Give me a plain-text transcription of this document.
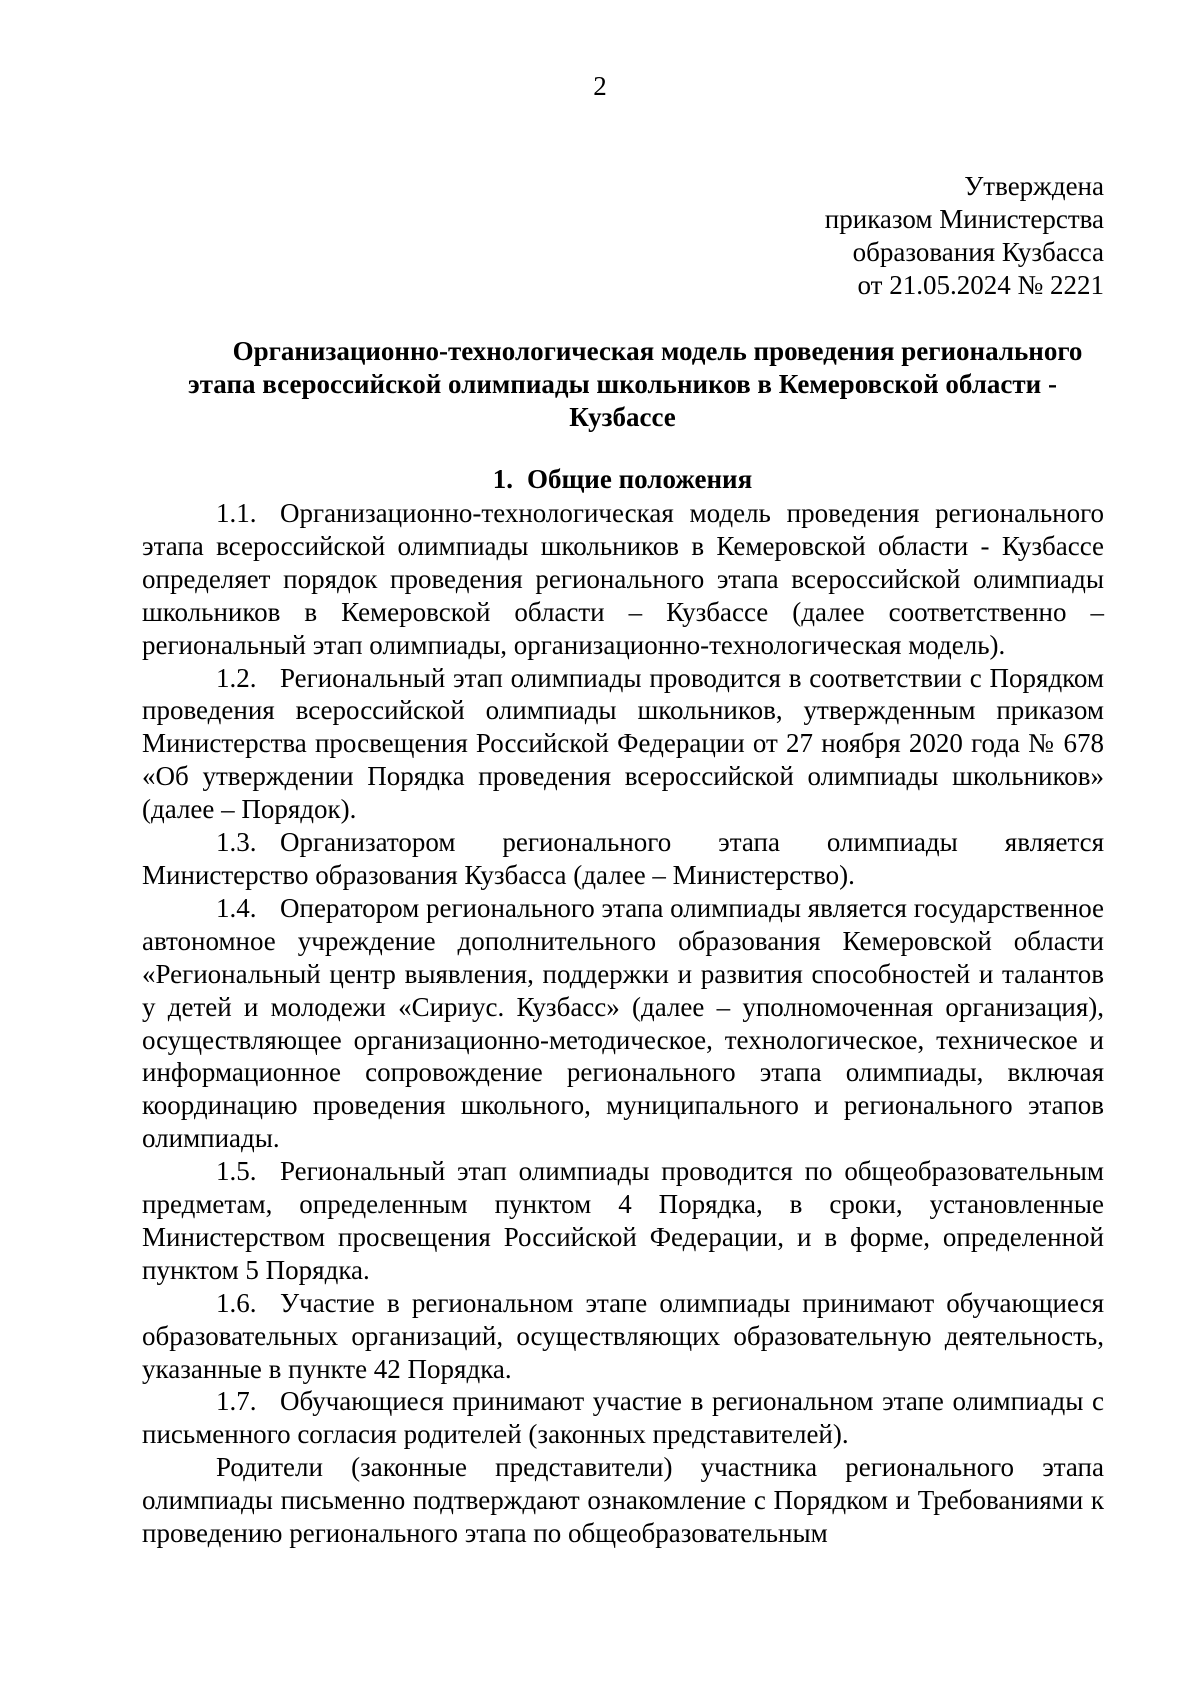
2
Утверждена
приказом Министерства
образования Кузбасса
от 21.05.2024 № 2221
Организационно-технологическая модель проведения регионального
этапа всероссийской олимпиады школьников в Кемеровской области -
Кузбассе
1. Общие положения

1.1. Организационно-технологическая модель проведения регионального этапа всероссийской олимпиады школьников в Кемеровской области - Кузбассе определяет порядок проведения регионального этапа всероссийской олимпиады школьников в Кемеровской области – Кузбассе (далее соответственно – региональный этап олимпиады, организационно-технологическая модель).

1.2. Региональный этап олимпиады проводится в соответствии с Порядком проведения всероссийской олимпиады школьников, утвержденным приказом Министерства просвещения Российской Федерации от 27 ноября 2020 года № 678 «Об утверждении Порядка проведения всероссийской олимпиады школьников» (далее – Порядок).

1.3. Организатором регионального этапа олимпиады является Министерство образования Кузбасса (далее – Министерство).

1.4. Оператором регионального этапа олимпиады является государственное автономное учреждение дополнительного образования Кемеровской области «Региональный центр выявления, поддержки и развития способностей и талантов у детей и молодежи «Сириус. Кузбасс» (далее – уполномоченная организация), осуществляющее организационно-методическое, технологическое, техническое и информационное сопровождение регионального этапа олимпиады, включая координацию проведения школьного, муниципального и регионального этапов олимпиады.

1.5. Региональный этап олимпиады проводится по общеобразовательным предметам, определенным пунктом 4 Порядка, в сроки, установленные Министерством просвещения Российской Федерации, и в форме, определенной пунктом 5 Порядка.

1.6. Участие в региональном этапе олимпиады принимают обучающиеся образовательных организаций, осуществляющих образовательную деятельность, указанные в пункте 42 Порядка.

1.7. Обучающиеся принимают участие в региональном этапе олимпиады с письменного согласия родителей (законных представителей).

Родители (законные представители) участника регионального этапа олимпиады письменно подтверждают ознакомление с Порядком и Требованиями к проведению регионального этапа по общеобразовательным
